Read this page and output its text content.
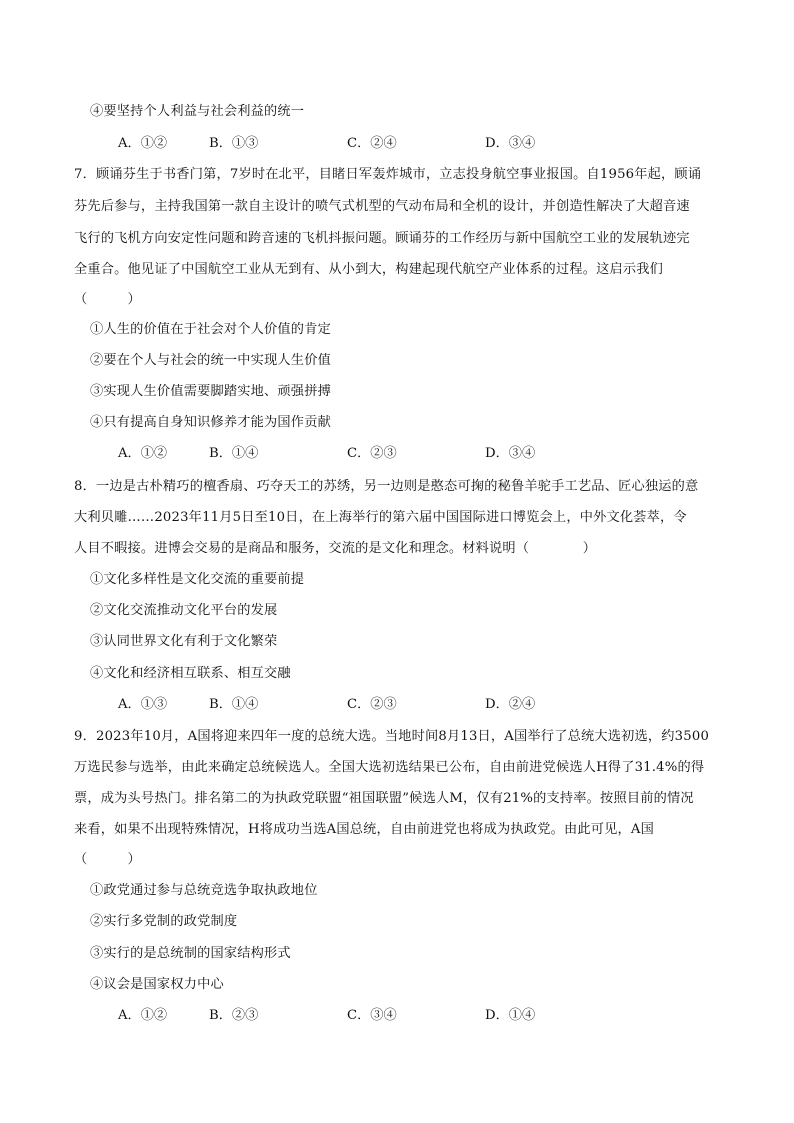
④要坚持个人利益与社会利益的统一
A．①②	B．①③	C．②④	D．③④
7．顾诵芬生于书香门第，7岁时在北平，目睹日军轰炸城市，立志投身航空事业报国。自1956年起，顾诵
芬先后参与，主持我国第一款自主设计的喷气式机型的气动布局和全机的设计，并创造性解决了大超音速
飞行的飞机方向安定性问题和跨音速的飞机抖振问题。顾诵芬的工作经历与新中国航空工业的发展轨迹完
全重合。他见证了中国航空工业从无到有、从小到大，构建起现代航空产业体系的过程。这启示我们
（　　　）
①人生的价值在于社会对个人价值的肯定
②要在个人与社会的统一中实现人生价值
③实现人生价值需要脚踏实地、顽强拼搏
④只有提高自身知识修养才能为国作贡献
A．①②	B．①④	C．②③	D．③④
8．一边是古朴精巧的檀香扇、巧夺天工的苏绣，另一边则是憨态可掬的秘鲁羊驼手工艺品、匠心独运的意
大利贝雕……2023年11月5日至10日，在上海举行的第六届中国国际进口博览会上，中外文化荟萃，令
人目不暇接。进博会交易的是商品和服务，交流的是文化和理念。材料说明（　　　　）
①文化多样性是文化交流的重要前提
②文化交流推动文化平台的发展
③认同世界文化有利于文化繁荣
④文化和经济相互联系、相互交融
A．①③	B．①④	C．②③	D．②④
9．2023年10月，A国将迎来四年一度的总统大选。当地时间8月13日，A国举行了总统大选初选，约3500
万选民参与选举，由此来确定总统候选人。全国大选初选结果已公布，自由前进党候选人H得了31.4%的得
票，成为头号热门。排名第二的为执政党联盟“祖国联盟”候选人M，仅有21%的支持率。按照目前的情况
来看，如果不出现特殊情况，H将成功当选A国总统，自由前进党也将成为执政党。由此可见，A国
（　　　）
①政党通过参与总统竞选争取执政地位
②实行多党制的政党制度
③实行的是总统制的国家结构形式
④议会是国家权力中心
A．①②	B．②③	C．③④	D．①④
